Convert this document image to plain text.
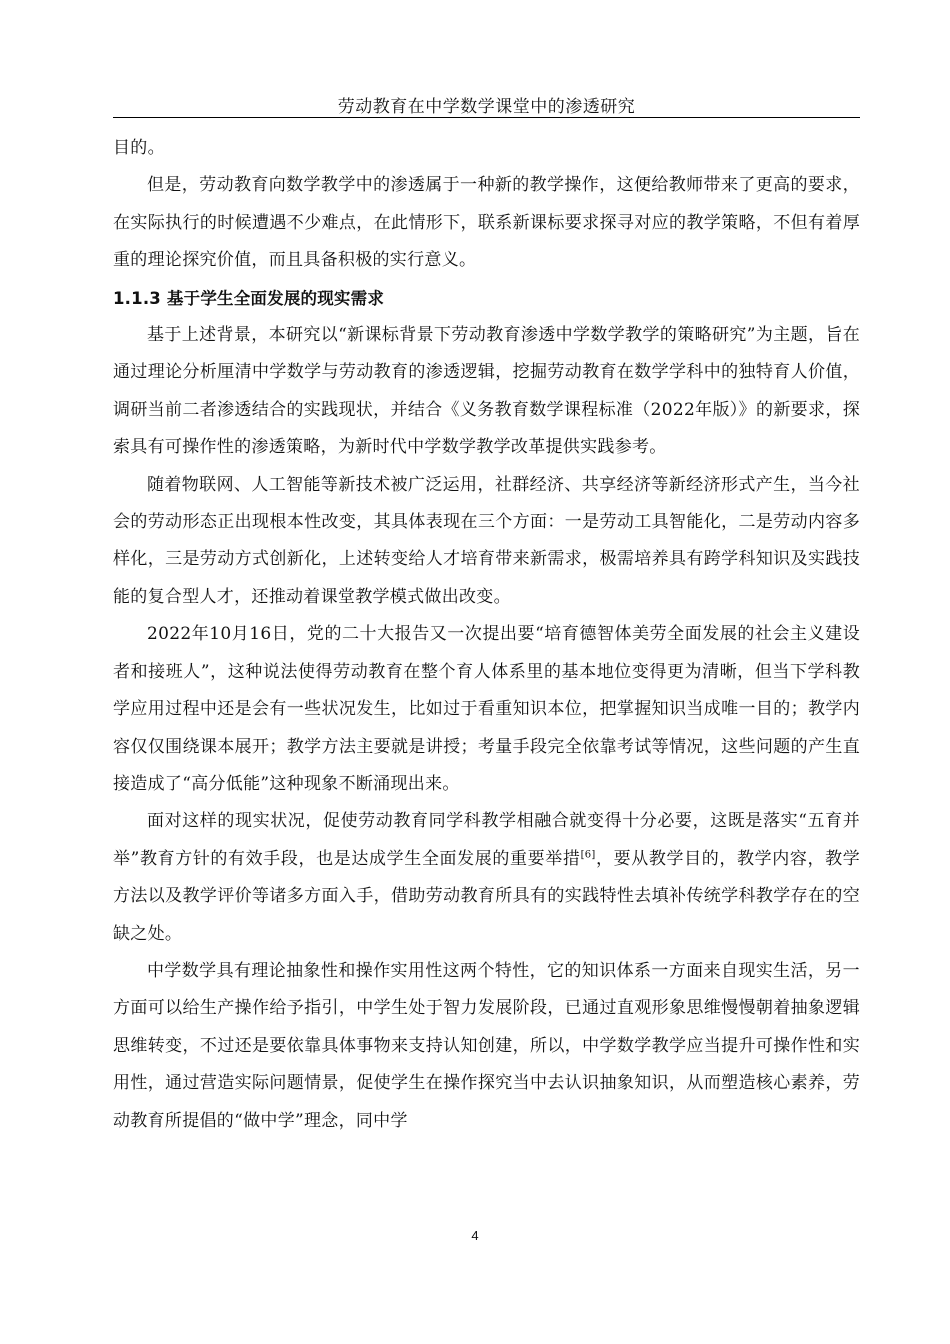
劳动教育在中学数学课堂中的渗透研究

目的。

但是，劳动教育向数学教学中的渗透属于一种新的教学操作，这便给教师带来了更高的要求，在实际执行的时候遭遇不少难点，在此情形下，联系新课标要求探寻对应的教学策略，不但有着厚重的理论探究价值，而且具备积极的实行意义。

1.1.3 基于学生全面发展的现实需求

基于上述背景，本研究以“新课标背景下劳动教育渗透中学数学教学的策略研究”为主题，旨在通过理论分析厘清中学数学与劳动教育的渗透逻辑，挖掘劳动教育在数学学科中的独特育人价值，调研当前二者渗透结合的实践现状，并结合《义务教育数学课程标准（2022年版）》的新要求，探索具有可操作性的渗透策略，为新时代中学数学教学改革提供实践参考。

随着物联网、人工智能等新技术被广泛运用，社群经济、共享经济等新经济形式产生，当今社会的劳动形态正出现根本性改变，其具体表现在三个方面：一是劳动工具智能化，二是劳动内容多样化，三是劳动方式创新化，上述转变给人才培育带来新需求，极需培养具有跨学科知识及实践技能的复合型人才，还推动着课堂教学模式做出改变。

2022年10月16日，党的二十大报告又一次提出要“培育德智体美劳全面发展的社会主义建设者和接班人”，这种说法使得劳动教育在整个育人体系里的基本地位变得更为清晰，但当下学科教学应用过程中还是会有一些状况发生，比如过于看重知识本位，把掌握知识当成唯一目的；教学内容仅仅围绕课本展开；教学方法主要就是讲授；考量手段完全依靠考试等情况，这些问题的产生直接造成了“高分低能”这种现象不断涌现出来。

面对这样的现实状况，促使劳动教育同学科教学相融合就变得十分必要，这既是落实“五育并举”教育方针的有效手段，也是达成学生全面发展的重要举措[6]，要从教学目的，教学内容，教学方法以及教学评价等诸多方面入手，借助劳动教育所具有的实践特性去填补传统学科教学存在的空缺之处。

中学数学具有理论抽象性和操作实用性这两个特性，它的知识体系一方面来自现实生活，另一方面可以给生产操作给予指引，中学生处于智力发展阶段，已通过直观形象思维慢慢朝着抽象逻辑思维转变，不过还是要依靠具体事物来支持认知创建，所以，中学数学教学应当提升可操作性和实用性，通过营造实际问题情景，促使学生在操作探究当中去认识抽象知识，从而塑造核心素养，劳动教育所提倡的“做中学”理念，同中学

4
